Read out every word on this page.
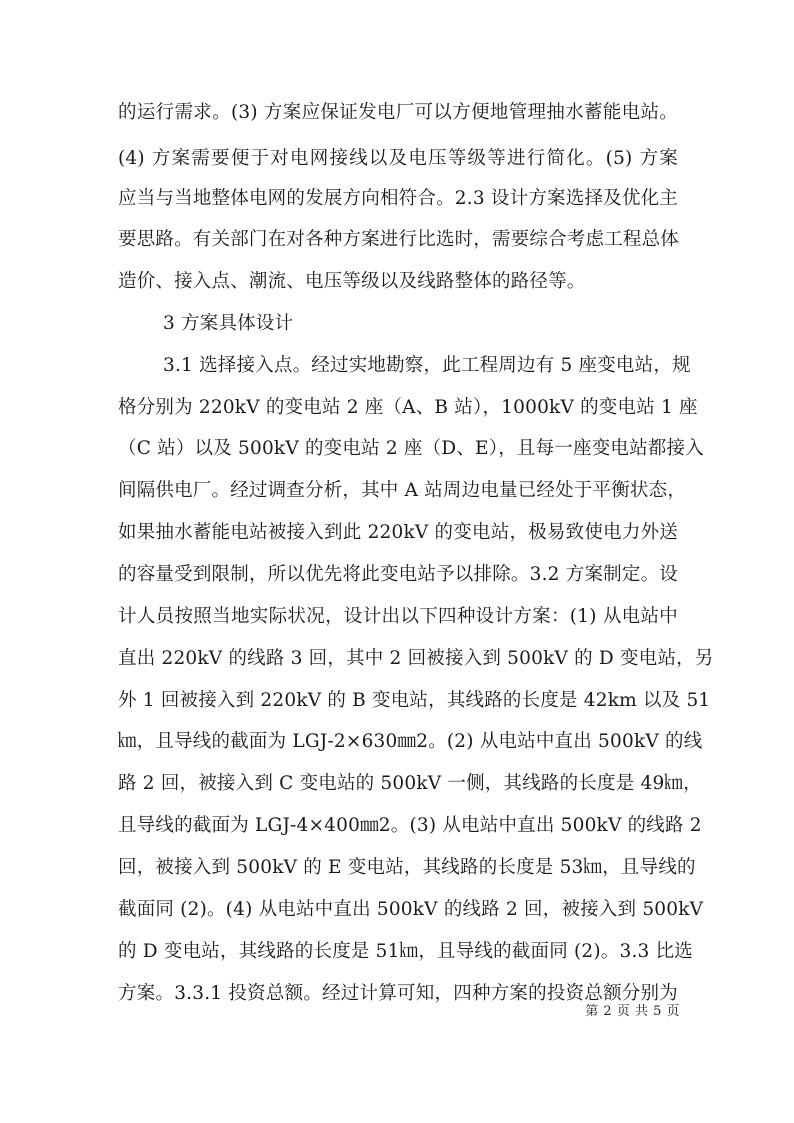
的运行需求。(3) 方案应保证发电厂可以方便地管理抽水蓄能电站。
(4) 方案需要便于对电网接线以及电压等级等进行简化。(5) 方案
应当与当地整体电网的发展方向相符合。2.3 设计方案选择及优化主
要思路。有关部门在对各种方案进行比选时，需要综合考虑工程总体
造价、接入点、潮流、电压等级以及线路整体的路径等。
3 方案具体设计
3.1 选择接入点。经过实地勘察，此工程周边有 5 座变电站，规
格分别为 220kV 的变电站 2 座（A、B 站），1000kV 的变电站 1 座
（C 站）以及 500kV 的变电站 2 座（D、E），且每一座变电站都接入
间隔供电厂。经过调查分析，其中 A 站周边电量已经处于平衡状态，
如果抽水蓄能电站被接入到此 220kV 的变电站，极易致使电力外送
的容量受到限制，所以优先将此变电站予以排除。3.2 方案制定。设
计人员按照当地实际状况，设计出以下四种设计方案：(1) 从电站中
直出 220kV 的线路 3 回，其中 2 回被接入到 500kV 的 D 变电站，另
外 1 回被接入到 220kV 的 B 变电站，其线路的长度是 42km 以及 51
㎞，且导线的截面为 LGJ-2×630㎜2。(2) 从电站中直出 500kV 的线
路 2 回，被接入到 C 变电站的 500kV 一侧，其线路的长度是 49㎞，
且导线的截面为 LGJ-4×400㎜2。(3) 从电站中直出 500kV 的线路 2
回，被接入到 500kV 的 E 变电站，其线路的长度是 53㎞，且导线的
截面同 (2)。(4) 从电站中直出 500kV 的线路 2 回，被接入到 500kV
的 D 变电站，其线路的长度是 51㎞，且导线的截面同 (2)。3.3 比选
方案。3.3.1 投资总额。经过计算可知，四种方案的投资总额分别为
第 2 页 共 5 页
